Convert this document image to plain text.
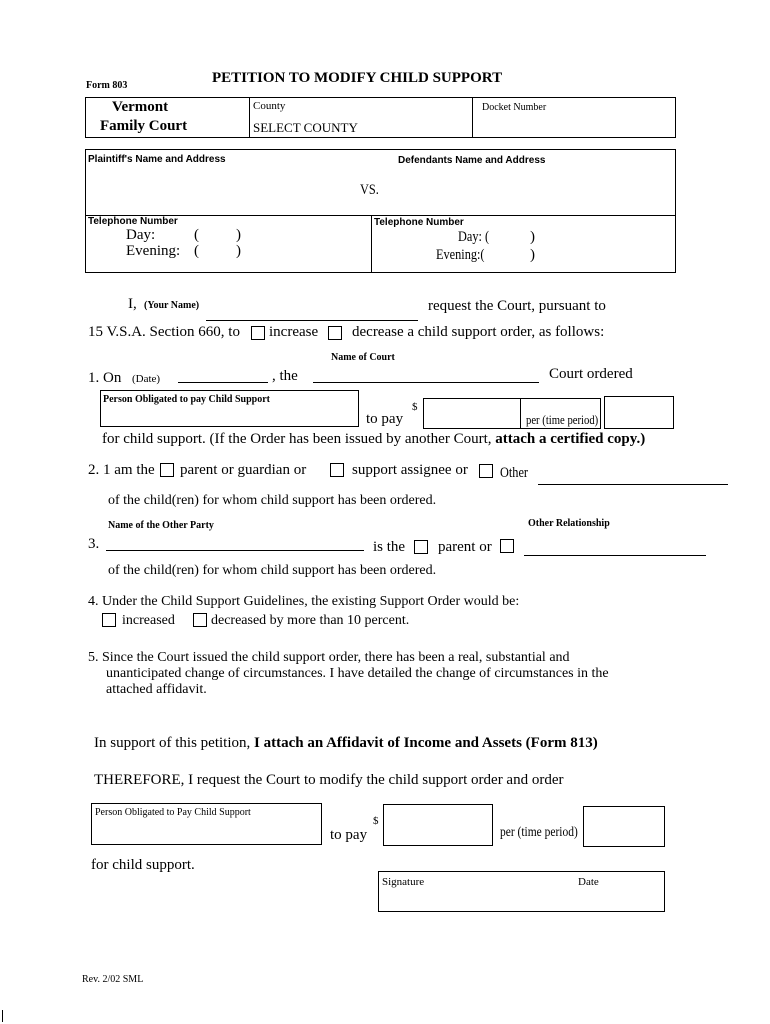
Form 803	PETITION TO MODIFY CHILD SUPPORT
Vermont
Family Court
County
SELECT COUNTY
Docket Number
Plaintiff's Name and Address	Defendants Name and Address
VS.
Telephone Number
Day:	( )
Evening: ( )
Telephone Number
Day: (	)
Evening:(	)
I, (Your Name)	request the Court, pursuant to
15 V.S.A. Section 660, to increase decrease a child support order, as follows:
Name of Court
1. On (Date)	, the	Court ordered
Person Obligated to pay Child Support
to pay
$
per (time period)
for child support. (If the Order has been issued by another Court, attach a certified copy.)
2. 1 am the parent or guardian or	support assignee or Other
of the child(ren) for whom child support has been ordered.
Name of the Other Party	Other Relationship
3.	is the parent or
of the child(ren) for whom child support has been ordered.
4. Under the Child Support Guidelines, the existing Support Order would be:
increased	decreased by more than 10 percent.
5. Since the Court issued the child support order, there has been a real, substantial and
unanticipated change of circumstances. I have detailed the change of circumstances in the
attached affidavit.
In support of this petition, I attach an Affidavit of Income and Assets (Form 813)
THEREFORE, I request the Court to modify the child support order and order
Person Obligated to Pay Child Support
to pay
$
per (time period)
for child support.
Signature	Date
Rev. 2/02 SML
